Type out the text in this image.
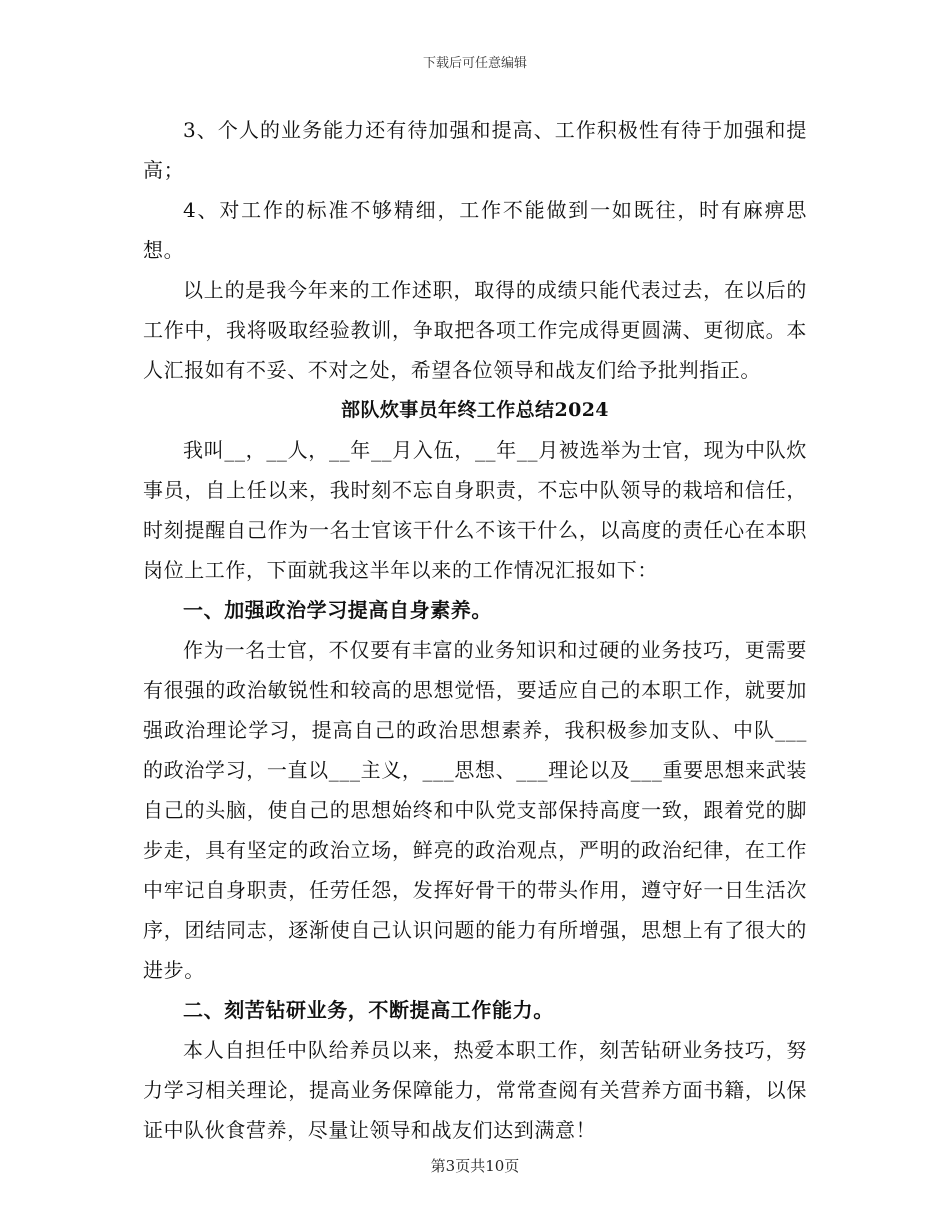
下载后可任意编辑

3、个人的业务能力还有待加强和提高、工作积极性有待于加强和提高；

4、对工作的标准不够精细，工作不能做到一如既往，时有麻痹思想。

以上的是我今年来的工作述职，取得的成绩只能代表过去，在以后的工作中，我将吸取经验教训，争取把各项工作完成得更圆满、更彻底。本人汇报如有不妥、不对之处，希望各位领导和战友们给予批判指正。

部队炊事员年终工作总结2024

我叫__，__人，__年__月入伍，__年__月被选举为士官，现为中队炊事员，自上任以来，我时刻不忘自身职责，不忘中队领导的栽培和信任，时刻提醒自己作为一名士官该干什么不该干什么，以高度的责任心在本职岗位上工作，下面就我这半年以来的工作情况汇报如下：

一、加强政治学习提高自身素养。

作为一名士官，不仅要有丰富的业务知识和过硬的业务技巧，更需要有很强的政治敏锐性和较高的思想觉悟，要适应自己的本职工作，就要加强政治理论学习，提高自己的政治思想素养，我积极参加支队、中队___的政治学习，一直以___主义，___思想、___理论以及___重要思想来武装自己的头脑，使自己的思想始终和中队党支部保持高度一致，跟着党的脚步走，具有坚定的政治立场，鲜亮的政治观点，严明的政治纪律，在工作中牢记自身职责，任劳任怨，发挥好骨干的带头作用，遵守好一日生活次序，团结同志，逐渐使自己认识问题的能力有所增强，思想上有了很大的进步。

二、刻苦钻研业务，不断提高工作能力。

本人自担任中队给养员以来，热爱本职工作，刻苦钻研业务技巧，努力学习相关理论，提高业务保障能力，常常查阅有关营养方面书籍，以保证中队伙食营养，尽量让领导和战友们达到满意！

第3页共10页
